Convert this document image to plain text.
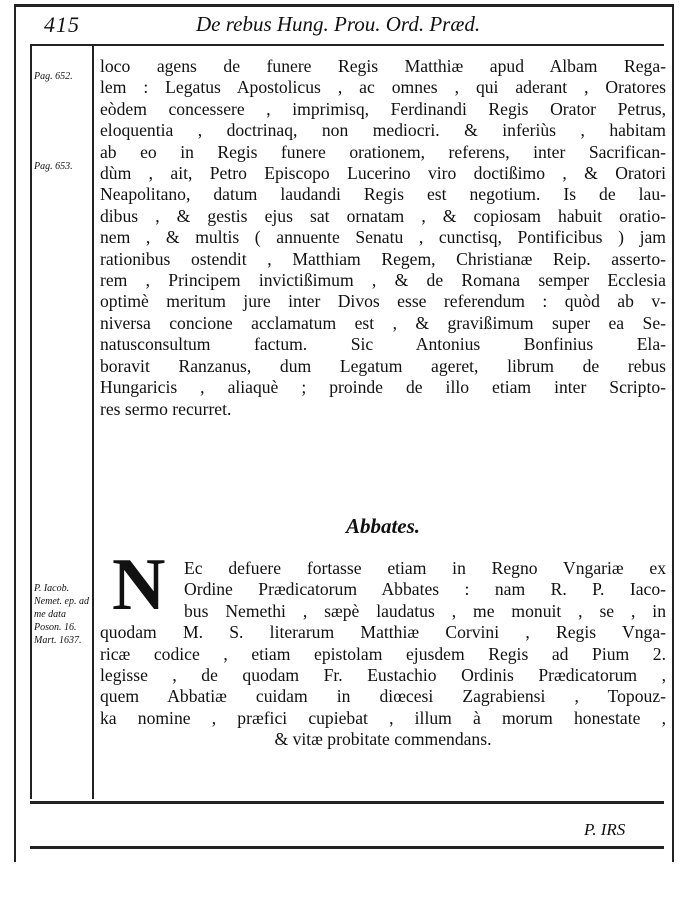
415	De rebus Hung. Prou. Ord. Præd.
Pag. 652.
Pag. 653.
P. Iacob. Nemet. ep. ad me data Poson. 16. Mart. 1637.
loco agens de funere Regis Matthiæ apud Albam Rega-
lem : Legatus Apostolicus , ac omnes , qui aderant , Oratores
eòdem concessere , imprimisq, Ferdinandi Regis Orator Petrus,
eloquentia , doctrinaq, non mediocri. & inferiùs , habitam
ab eo in Regis funere orationem, referens, inter Sacrifican-
dùm , ait, Petro Episcopo Lucerino viro doctißimo , & Oratori
Neapolitano, datum laudandi Regis est negotium. Is de lau-
dibus , & gestis ejus sat ornatam , & copiosam habuit oratio-
nem , & multis ( annuente Senatu , cunctisq, Pontificibus ) jam
rationibus ostendit , Matthiam Regem, Christianæ Reip. asserto-
rem , Principem invictißimum , & de Romana semper Ecclesia
optimè meritum jure inter Divos esse referendum : quòd ab v-
niversa concione acclamatum est , & gravißimum super ea Se-
natusconsultum factum. Sic Antonius Bonfinius Ela-
boravit Ranzanus, dum Legatum ageret, librum de rebus
Hungaricis , aliaquè ; proinde de illo etiam inter Scripto-
res sermo recurret.
Abbates.
N	Ec defuere fortasse etiam in Regno Vngariæ ex
Ordine Prædicatorum Abbates : nam R. P. Iaco-
bus Nemethi , sæpè laudatus , me monuit , se , in
quodam M. S. literarum Matthiæ Corvini , Regis Vnga-
ricæ codice , etiam epistolam ejusdem Regis ad Pium 2.
legisse , de quodam Fr. Eustachio Ordinis Prædicatorum ,
quem Abbatiæ cuidam in diœcesi Zagrabiensi , Topouz-
ka nomine , præfici cupiebat , illum à morum honestate ,
& vitæ probitate commendans.
P. IRS
